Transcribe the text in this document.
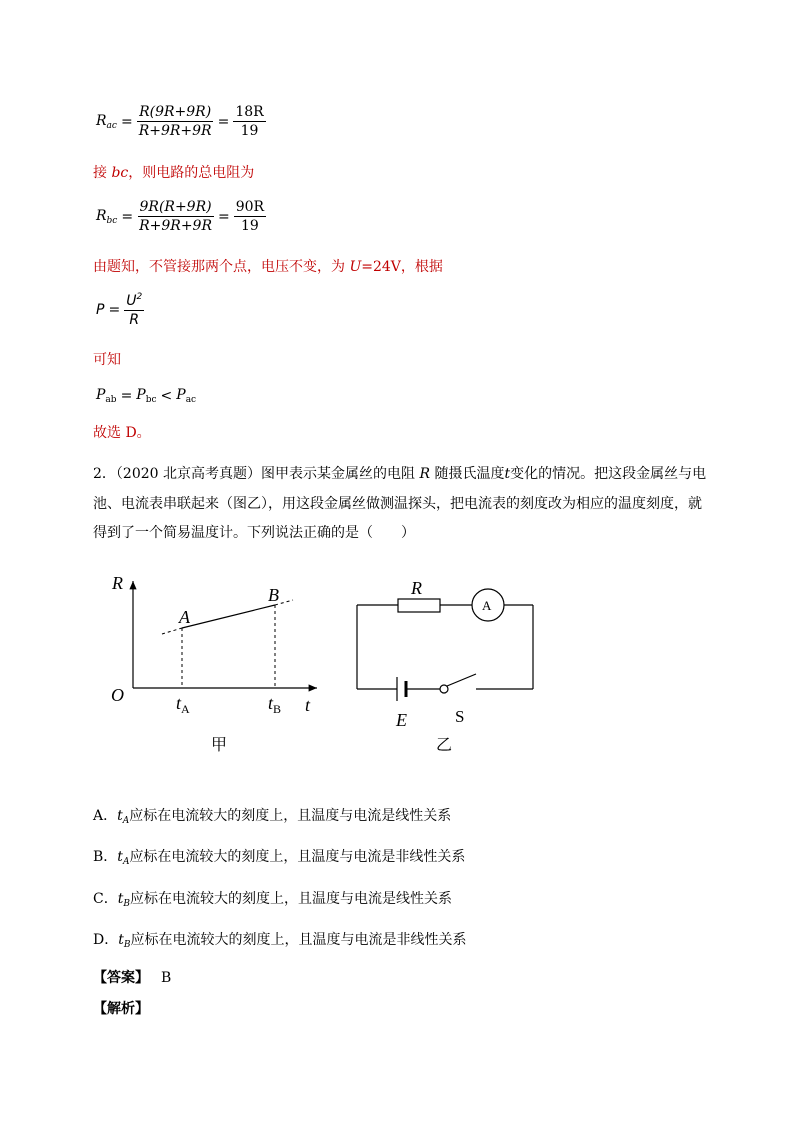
$R_{ac} = \frac{R(9R+9R)}{R+9R+9R} = \frac{18R}{19}$
接 bc，则电路的总电阻为
$R_{bc} = \frac{9R(R+9R)}{R+9R+9R} = \frac{90R}{19}$
由题知，不管接那两个点，电压不变，为 U=24V，根据
$P = \frac{U^2}{R}$
可知
$P_{ab} = P_{bc} < P_{ac}$
故选 D。
2．（2020 北京高考真题）图甲表示某金属丝的电阻 R 随摄氏温度t变化的情况。把这段金属丝与电
池、电流表串联起来（图乙），用这段金属丝做测温探头，把电流表的刻度改为相应的温度刻度，就
得到了一个简易温度计。下列说法正确的是（　　）
R
t
O
A
B
$t_A$	$t_B$
甲
R
A
E	S
乙
A．$t_A$应标在电流较大的刻度上，且温度与电流是线性关系
B．$t_A$应标在电流较大的刻度上，且温度与电流是非线性关系
C．$t_B$应标在电流较大的刻度上，且温度与电流是线性关系
D．$t_B$应标在电流较大的刻度上，且温度与电流是非线性关系
【答案】 B
【解析】
